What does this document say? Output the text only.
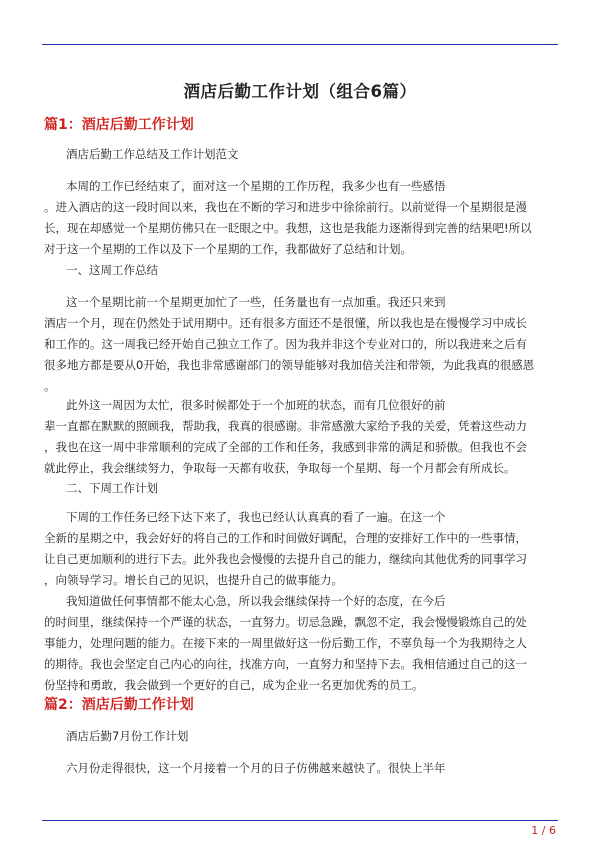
酒店后勤工作计划（组合6篇）
篇1：酒店后勤工作计划
酒店后勤工作总结及工作计划范文
本周的工作已经结束了，面对这一个星期的工作历程，我多少也有一些感悟
。进入酒店的这一段时间以来，我也在不断的学习和进步中徐徐前行。以前觉得一个星期很是漫
长，现在却感觉一个星期仿佛只在一眨眼之中。我想，这也是我能力逐渐得到完善的结果吧!所以
对于这一个星期的工作以及下一个星期的工作，我都做好了总结和计划。
一、这周工作总结
这一个星期比前一个星期更加忙了一些，任务量也有一点加重。我还只来到
酒店一个月，现在仍然处于试用期中。还有很多方面还不是很懂，所以我也是在慢慢学习中成长
和工作的。这一周我已经开始自己独立工作了。因为我并非这个专业对口的，所以我进来之后有
很多地方都是要从0开始，我也非常感谢部门的领导能够对我加倍关注和带领，为此我真的很感恩
。
此外这一周因为太忙，很多时候都处于一个加班的状态，而有几位很好的前
辈一直都在默默的照顾我，帮助我，我真的很感谢。非常感激大家给予我的关爱，凭着这些动力
，我也在这一周中非常顺利的完成了全部的工作和任务，我感到非常的满足和骄傲。但我也不会
就此停止，我会继续努力，争取每一天都有收获，争取每一个星期、每一个月都会有所成长。
二、下周工作计划
下周的工作任务已经下达下来了，我也已经认认真真的看了一遍。在这一个
全新的星期之中，我会好好的将自己的工作和时间做好调配，合理的安排好工作中的一些事情，
让自己更加顺利的进行下去。此外我也会慢慢的去提升自己的能力，继续向其他优秀的同事学习
，向领导学习。增长自己的见识，也提升自己的做事能力。
我知道做任何事情都不能太心急，所以我会继续保持一个好的态度，在今后
的时间里，继续保持一个严谨的状态，一直努力。切忌急躁，飘忽不定，我会慢慢锻炼自己的处
事能力，处理问题的能力。在接下来的一周里做好这一份后勤工作，不辜负每一个为我期待之人
的期待。我也会坚定自己内心的向往，找准方向，一直努力和坚持下去。我相信通过自己的这一
份坚持和勇敢，我会做到一个更好的自己，成为企业一名更加优秀的员工。
篇2：酒店后勤工作计划
酒店后勤7月份工作计划
六月份走得很快，这一个月接着一个月的日子仿佛越来越快了。很快上半年
1 / 6
